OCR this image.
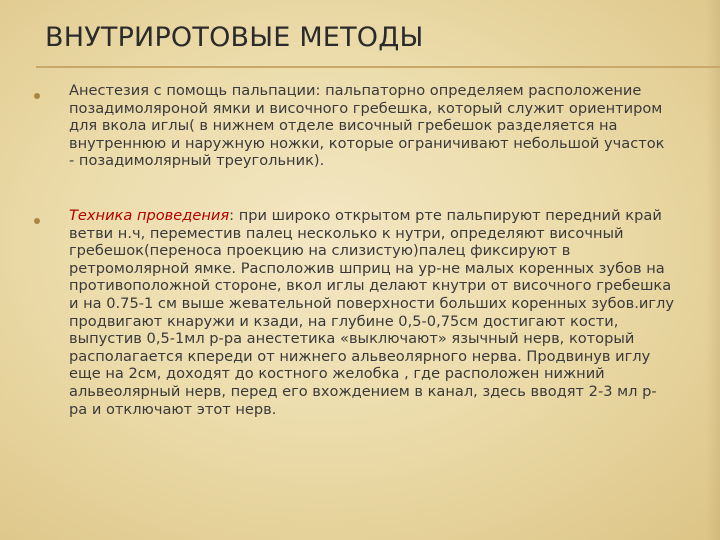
ВНУТРИРОТОВЫЕ МЕТОДЫ
Анестезия с помощь пальпации: пальпаторно определяем расположение позадимоляроной ямки и височного гребешка, который служит ориентиром для вкола иглы( в нижнем отделе височный гребешок разделяется на внутреннюю и наружную ножки, которые ограничивают небольшой участок - позадимолярный треугольник).
Техника проведения: при широко открытом рте пальпируют передний край ветви н.ч, переместив палец несколько к нутри, определяют височный гребешок(переноса проекцию на слизистую)палец фиксируют в ретромолярной ямке. Расположив шприц на ур-не малых коренных зубов на противоположной стороне, вкол иглы делают кнутри от височного гребешка и на 0.75-1 см выше жевательной поверхности больших коренных зубов.иглу продвигают кнаружи и кзади, на глубине 0,5-0,75см достигают кости, выпустив 0,5-1мл р-ра анестетика «выключают» язычный нерв, который располагается кпереди от нижнего альвеолярного нерва. Продвинув иглу еще на 2см, доходят до костного желобка , где расположен нижний альвеолярный нерв, перед его вхождением в канал, здесь вводят 2-3 мл р-ра и отключают этот нерв.
